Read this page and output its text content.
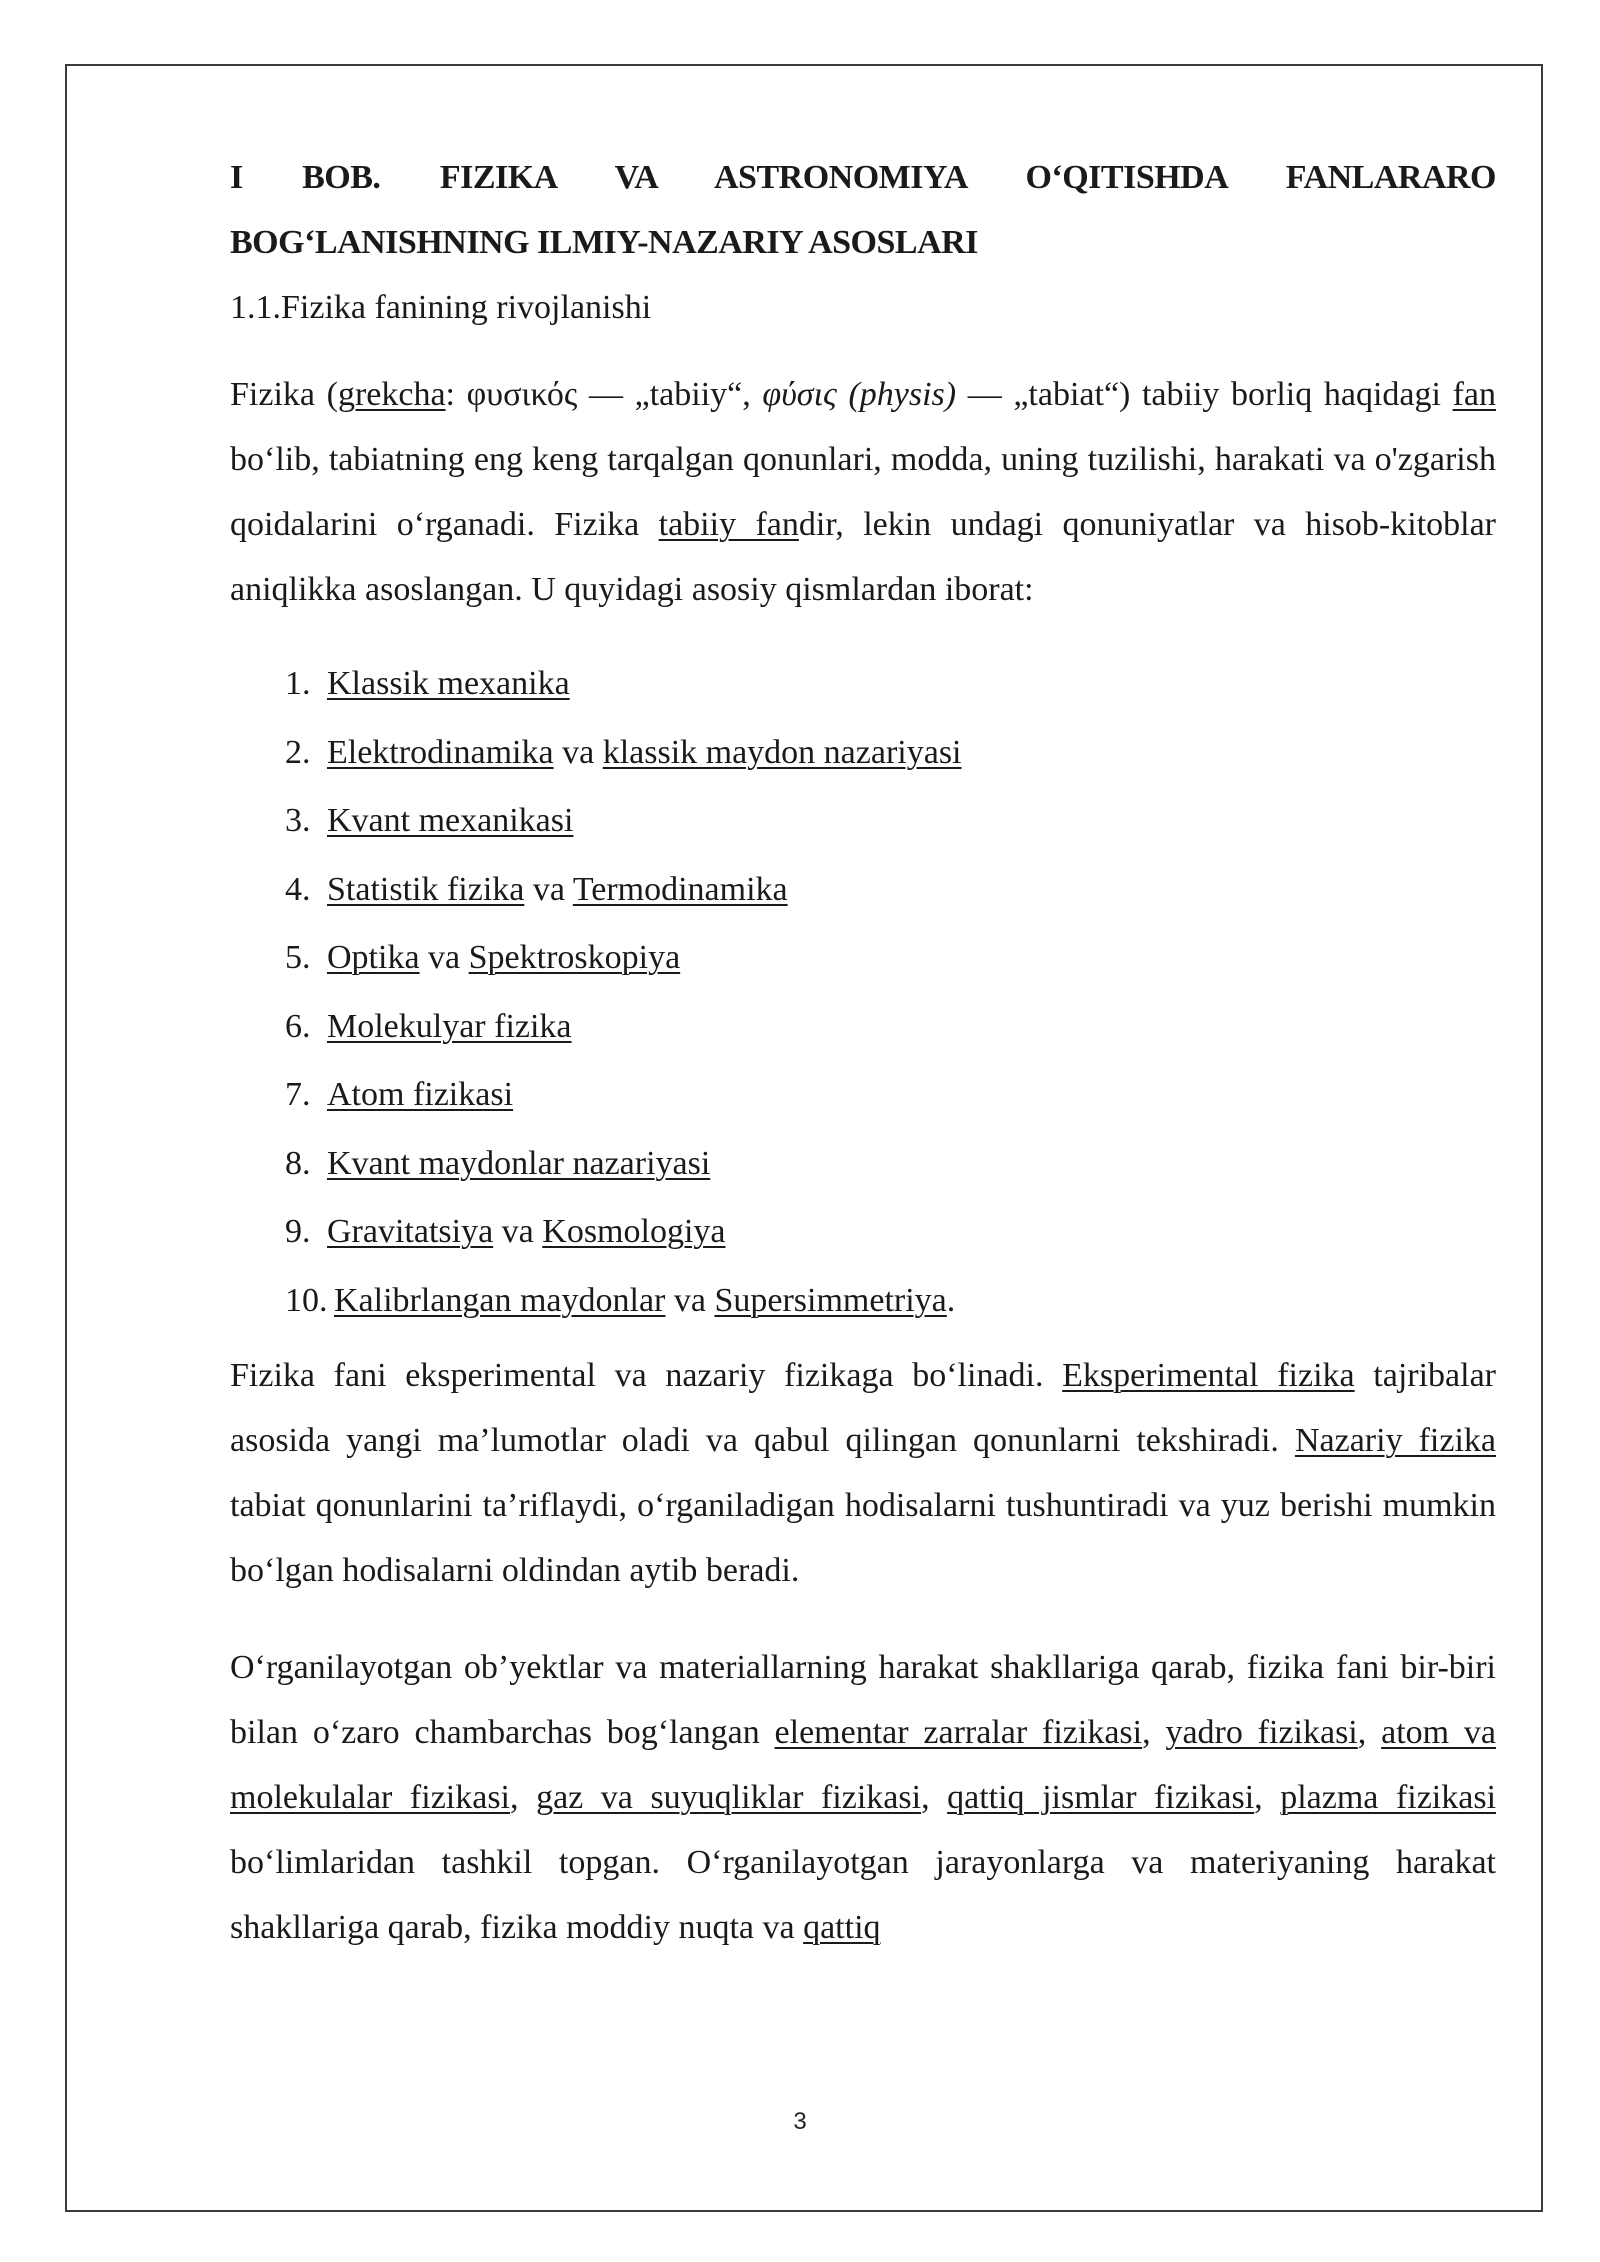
I BOB. FIZIKA VA ASTRONOMIYA O‘QITISHDA FANLARARO
BOG‘LANISHNING ILMIY-NAZARIY ASOSLARI
1.1.Fizika fanining rivojlanishi

Fizika (grekcha: φυσικός — „tabiiy“, φύσις (physis) — „tabiat“) tabiiy borliq haqidagi fan bo‘lib, tabiatning eng keng tarqalgan qonunlari, modda, uning tuzilishi, harakati va o'zgarish qoidalarini o‘rganadi. Fizika tabiiy fandir, lekin undagi qonuniyatlar va hisob-kitoblar aniqlikka asoslangan. U quyidagi asosiy qismlardan iborat:

1. Klassik mexanika
2. Elektrodinamika va klassik maydon nazariyasi
3. Kvant mexanikasi
4. Statistik fizika va Termodinamika
5. Optika va Spektroskopiya
6. Molekulyar fizika
7. Atom fizikasi
8. Kvant maydonlar nazariyasi
9. Gravitatsiya va Kosmologiya
10. Kalibrlangan maydonlar va Supersimmetriya.

Fizika fani eksperimental va nazariy fizikaga bo‘linadi. Eksperimental fizika tajribalar asosida yangi ma’lumotlar oladi va qabul qilingan qonunlarni tekshiradi. Nazariy fizika tabiat qonunlarini ta’riflaydi, o‘rganiladigan hodisalarni tushuntiradi va yuz berishi mumkin bo‘lgan hodisalarni oldindan aytib beradi.

O‘rganilayotgan ob’yektlar va materiallarning harakat shakllariga qarab, fizika fani bir-biri bilan o‘zaro chambarchas bog‘langan elementar zarralar fizikasi, yadro fizikasi, atom va molekulalar fizikasi, gaz va suyuqliklar fizikasi, qattiq jismlar fizikasi, plazma fizikasi bo‘limlaridan tashkil topgan. O‘rganilayotgan jarayonlarga va materiyaning harakat shakllariga qarab, fizika moddiy nuqta va qattiq

3
